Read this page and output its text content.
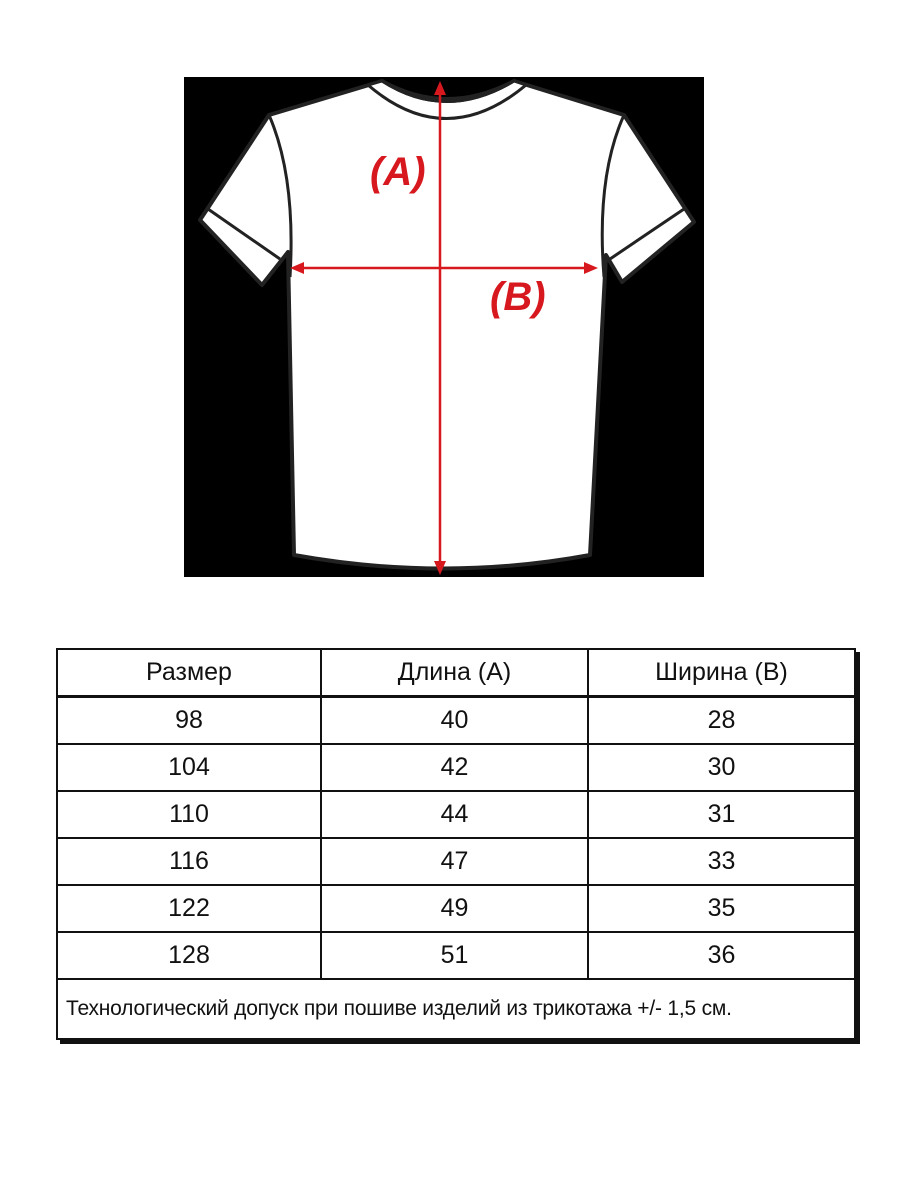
(A)
(B)
Размер	Длина (А)	Ширина (В)
98	40	28
104	42	30
110	44	31
116	47	33
122	49	35
128	51	36
Технологический допуск при пошиве изделий из трикотажа +/- 1,5 см.		
